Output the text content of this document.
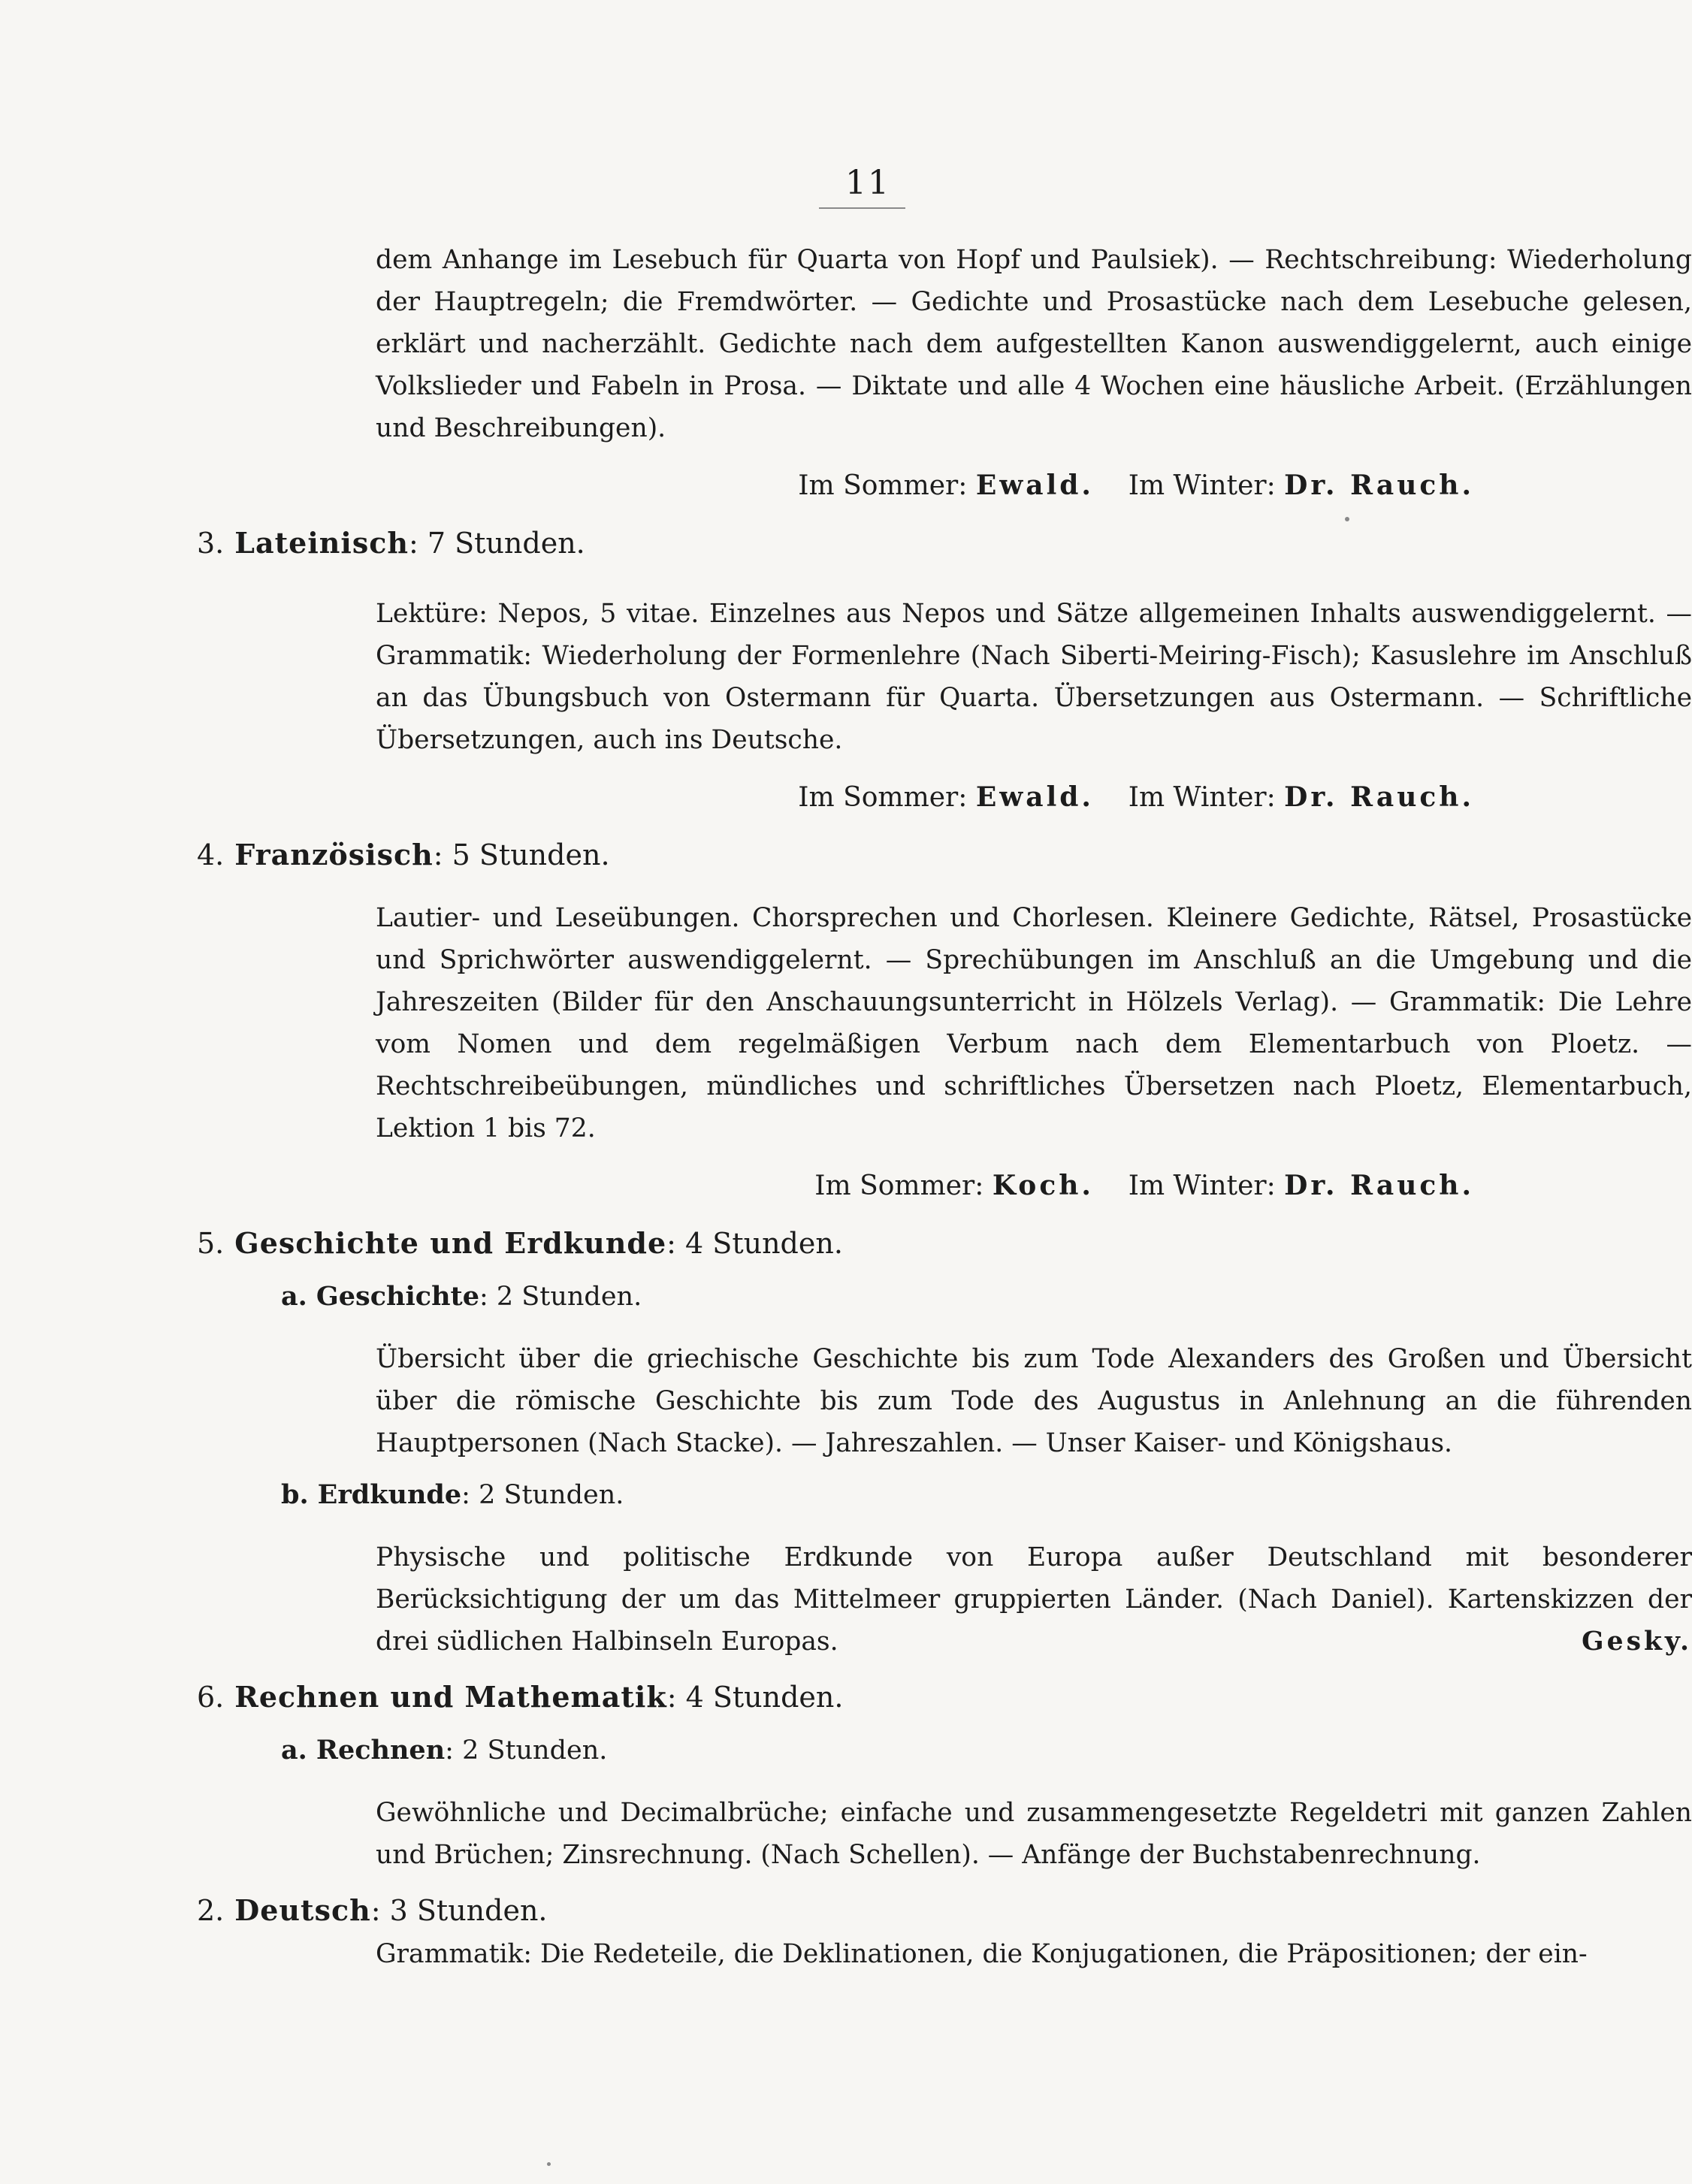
11

dem Anhange im Lesebuch für Quarta von Hopf und Paulsiek). — Rechtschreibung: Wiederholung der Hauptregeln; die Fremdwörter. — Gedichte und Prosastücke nach dem Lesebuche gelesen, erklärt und nacherzählt. Gedichte nach dem aufgestellten Kanon auswendiggelernt, auch einige Volkslieder und Fabeln in Prosa. — Diktate und alle 4 Wochen eine häusliche Arbeit. (Erzählungen und Beschreibungen).

Im Sommer: Ewald. Im Winter: Dr. Rauch.
3. Lateinisch: 7 Stunden.

Lektüre: Nepos, 5 vitae. Einzelnes aus Nepos und Sätze allgemeinen Inhalts auswendiggelernt. — Grammatik: Wiederholung der Formenlehre (Nach Siberti-Meiring-Fisch); Kasuslehre im Anschluß an das Übungsbuch von Ostermann für Quarta. Übersetzungen aus Ostermann. — Schriftliche Übersetzungen, auch ins Deutsche.

Im Sommer: Ewald. Im Winter: Dr. Rauch.
4. Französisch: 5 Stunden.

Lautier- und Leseübungen. Chorsprechen und Chorlesen. Kleinere Gedichte, Rätsel, Prosastücke und Sprichwörter auswendiggelernt. — Sprechübungen im Anschluß an die Umgebung und die Jahreszeiten (Bilder für den Anschauungsunterricht in Hölzels Verlag). — Grammatik: Die Lehre vom Nomen und dem regelmäßigen Verbum nach dem Elementarbuch von Ploetz. — Rechtschreibeübungen, mündliches und schriftliches Übersetzen nach Ploetz, Elementarbuch, Lektion 1 bis 72.

Im Sommer: Koch. Im Winter: Dr. Rauch.
5. Geschichte und Erdkunde: 4 Stunden.
a. Geschichte: 2 Stunden.

Übersicht über die griechische Geschichte bis zum Tode Alexanders des Großen und Übersicht über die römische Geschichte bis zum Tode des Augustus in Anlehnung an die führenden Hauptpersonen (Nach Stacke). — Jahreszahlen. — Unser Kaiser- und Königshaus.

b. Erdkunde: 2 Stunden.

Physische und politische Erdkunde von Europa außer Deutschland mit besonderer Berücksichtigung der um das Mittelmeer gruppierten Länder. (Nach Daniel). Kartenskizzen der drei südlichen Halbinseln Europas.	Gesky.

6. Rechnen und Mathematik: 4 Stunden.
a. Rechnen: 2 Stunden.

Gewöhnliche und Decimalbrüche; einfache und zusammengesetzte Regeldetri mit ganzen Zahlen und Brüchen; Zinsrechnung. (Nach Schellen). — Anfänge der Buchstabenrechnung.

2. Deutsch: 3 Stunden.

Grammatik: Die Redeteile, die Deklinationen, die Konjugationen, die Präpositionen; der ein-
